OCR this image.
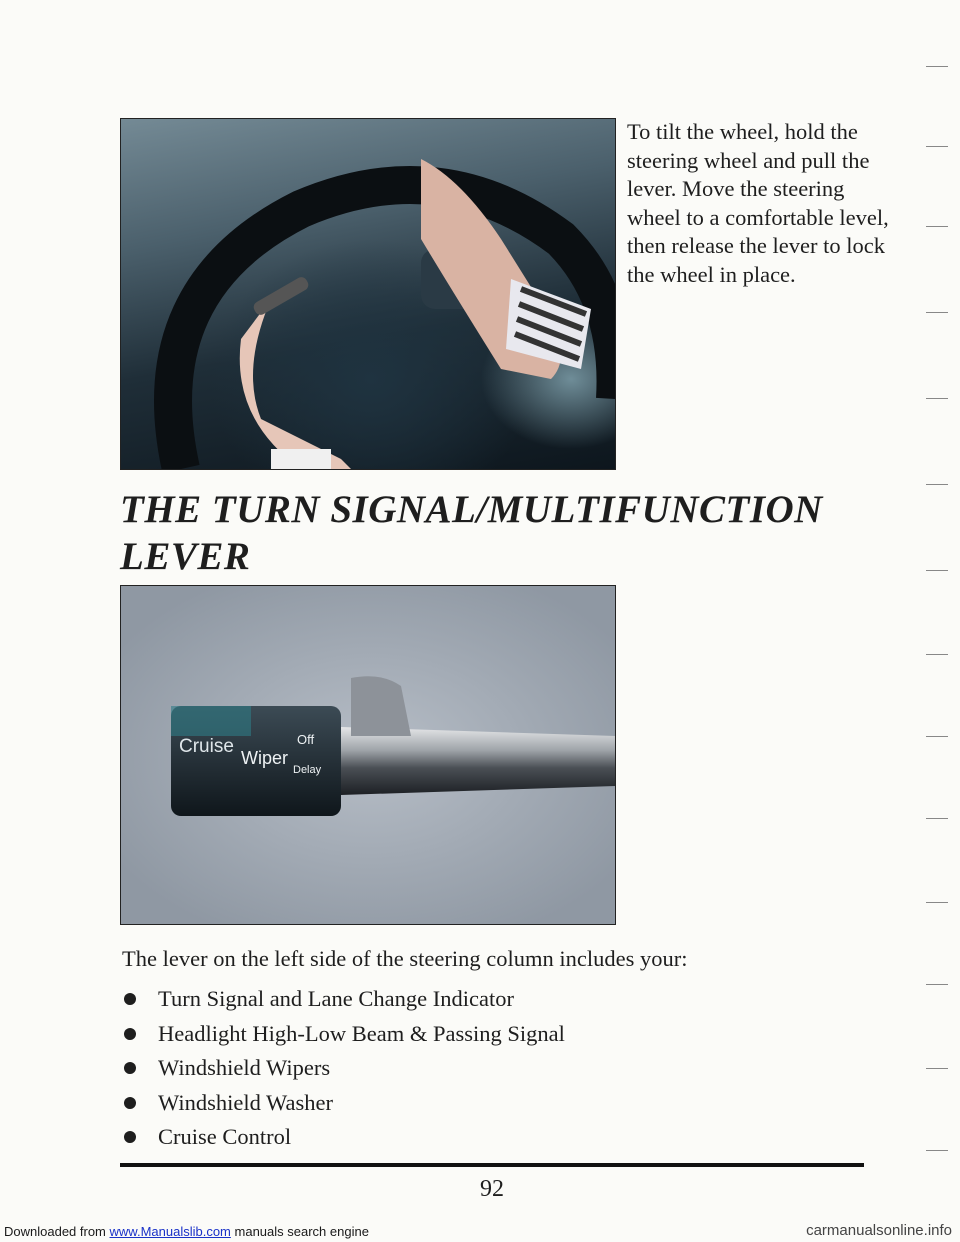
To tilt the wheel, hold the steering wheel and pull the lever. Move the steering wheel to a comfortable level, then release the lever to lock the wheel in place.

THE TURN SIGNAL/MULTIFUNCTION LEVER
Cruise
Wiper
Off
Delay

The lever on the left side of the steering column includes your:

Turn Signal and Lane Change Indicator
Headlight High-Low Beam & Passing Signal
Windshield Wipers
Windshield Washer
Cruise Control
92
Downloaded from www.Manualslib.com manuals search engine	carmanualsonline.info
